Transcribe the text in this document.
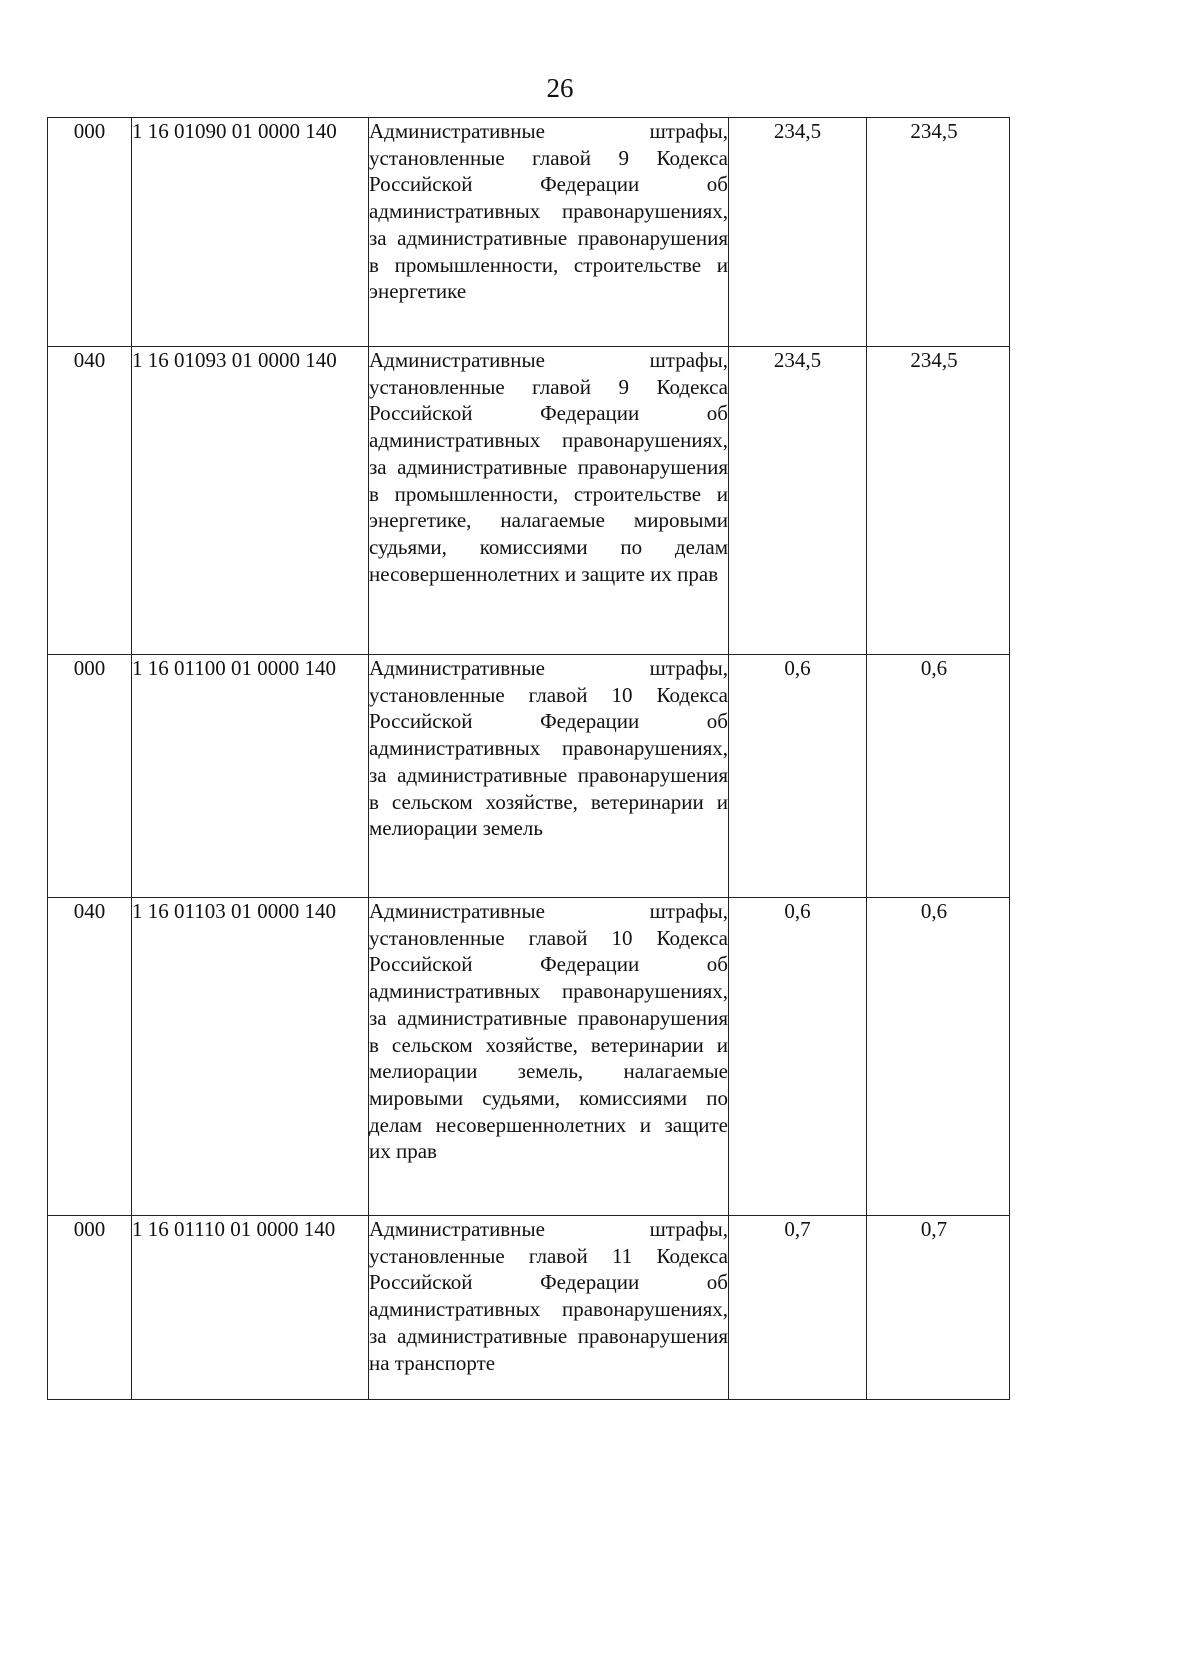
26
000	1 16 01090 01 0000 140	Административные штрафы, установленные главой 9 Кодекса Российской Федерации об административных правонарушениях, за административные правонарушения в промышленности, строительстве и энергетике	234,5	234,5
040	1 16 01093 01 0000 140	Административные штрафы, установленные главой 9 Кодекса Российской Федерации об административных правонарушениях, за административные правонарушения в промышленности, строительстве и энергетике, налагаемые мировыми судьями, комиссиями по делам несовершеннолетних и защите их прав	234,5	234,5
000	1 16 01100 01 0000 140	Административные штрафы, установленные главой 10 Кодекса Российской Федерации об административных правонарушениях, за административные правонарушения в сельском хозяйстве, ветеринарии и мелиорации земель	0,6	0,6
040	1 16 01103 01 0000 140	Административные штрафы, установленные главой 10 Кодекса Российской Федерации об административных правонарушениях, за административные правонарушения в сельском хозяйстве, ветеринарии и мелиорации земель, налагаемые мировыми судьями, комиссиями по делам несовершеннолетних и защите их прав	0,6	0,6
000	1 16 01110 01 0000 140	Административные штрафы, установленные главой 11 Кодекса Российской Федерации об административных правонарушениях, за административные правонарушения на транспорте	0,7	0,7
